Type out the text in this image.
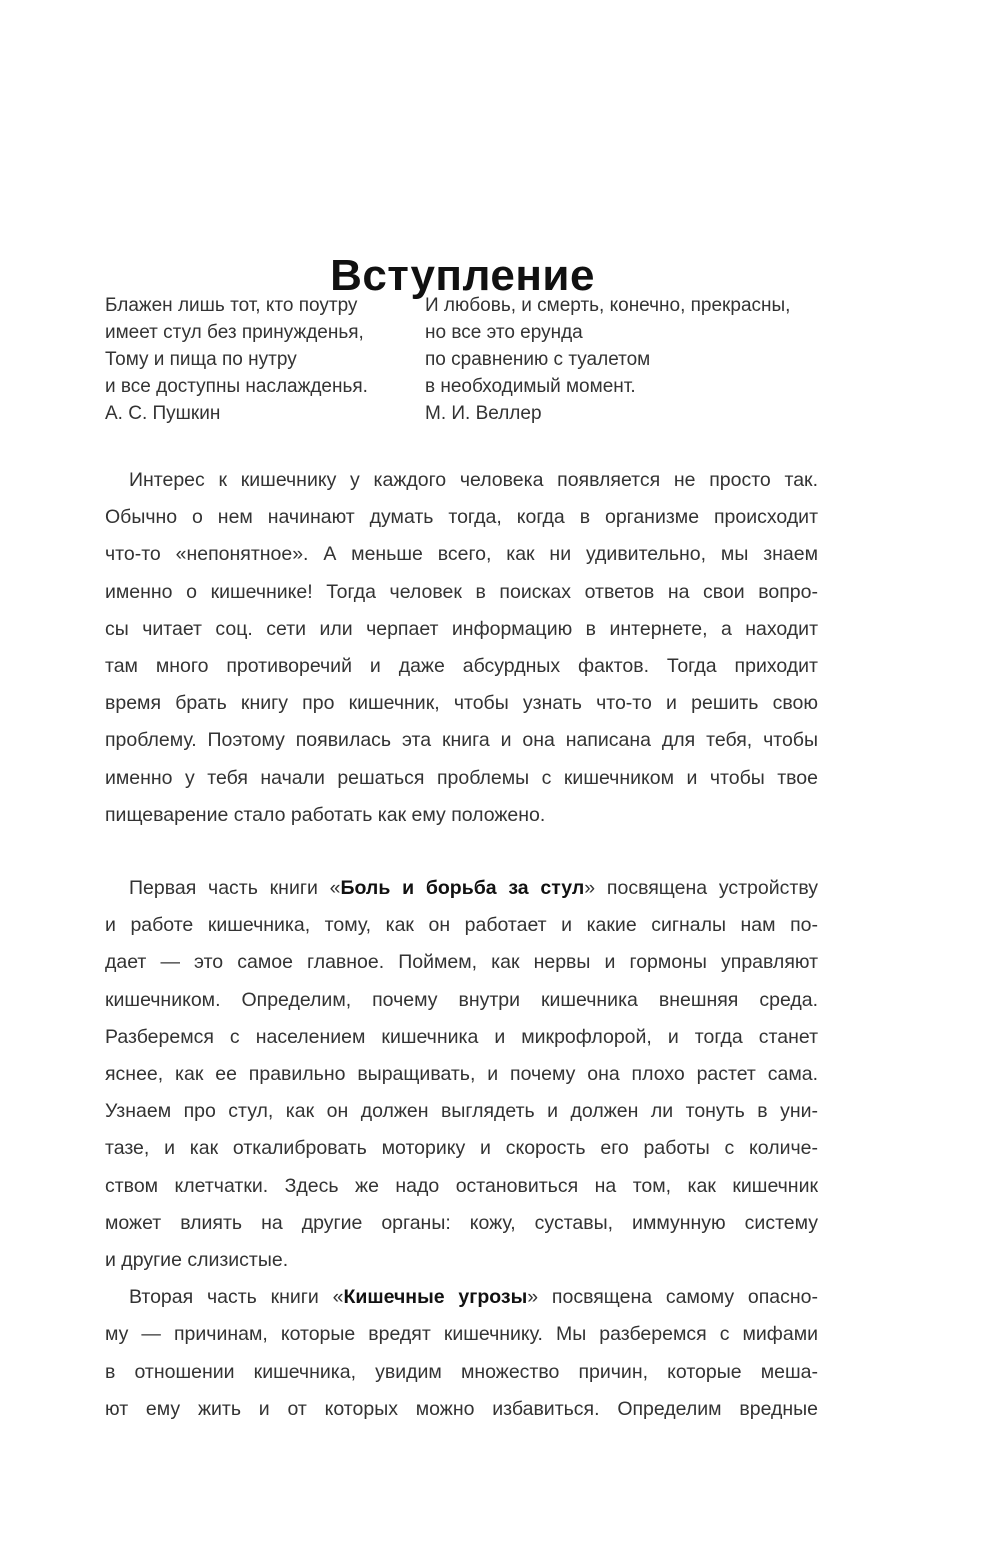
Вступление
Блажен лишь тот, кто поутру
имеет стул без принужденья,
Тому и пища по нутру
и все доступны наслажденья.
А. С. Пушкин
И любовь, и смерть, конечно, прекрасны,
но все это ерунда
по сравнению с туалетом
в необходимый момент.
М. И. Веллер
Интерес к кишечнику у каждого человека появляется не просто так.
Обычно о нем начинают думать тогда, когда в организме происходит
что-то «непонятное». А меньше всего, как ни удивительно, мы знаем
именно о кишечнике! Тогда человек в поисках ответов на свои вопро-
сы читает соц. сети или черпает информацию в интернете, а находит
там много противоречий и даже абсурдных фактов. Тогда приходит
время брать книгу про кишечник, чтобы узнать что-то и решить свою
проблему. Поэтому появилась эта книга и она написана для тебя, чтобы
именно у тебя начали решаться проблемы с кишечником и чтобы твое
пищеварение стало работать как ему положено.
Первая часть книги «Боль и борьба за стул» посвящена устройству
и работе кишечника, тому, как он работает и какие сигналы нам по-
дает — это самое главное. Поймем, как нервы и гормоны управляют
кишечником. Определим, почему внутри кишечника внешняя среда.
Разберемся с населением кишечника и микрофлорой, и тогда станет
яснее, как ее правильно выращивать, и почему она плохо растет сама.
Узнаем про стул, как он должен выглядеть и должен ли тонуть в уни-
тазе, и как откалибровать моторику и скорость его работы с количе-
ством клетчатки. Здесь же надо остановиться на том, как кишечник
может влиять на другие органы: кожу, суставы, иммунную систему
и другие слизистые.
Вторая часть книги «Кишечные угрозы» посвящена самому опасно-
му — причинам, которые вредят кишечнику. Мы разберемся с мифами
в отношении кишечника, увидим множество причин, которые меша-
ют ему жить и от которых можно избавиться. Определим вредные
